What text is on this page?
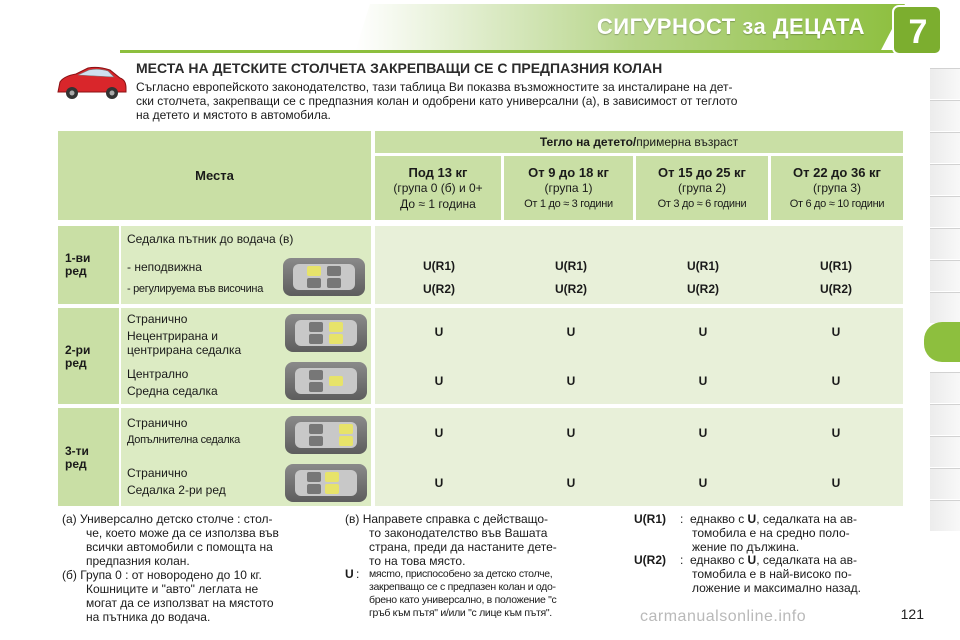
СИГУРНОСТ за ДЕЦАТА	7
МЕСТА НА ДЕТСКИТЕ СТОЛЧЕТА ЗАКРЕПВАЩИ СЕ С ПРЕДПАЗНИЯ КОЛАН
Съгласно европейското законодателство, тази таблица Ви показва възможностите за инсталиране на дет-
ски столчета, закрепващи се с предпазния колан и одобрени като универсални (а), в зависимост от теглото
на детето и мястото в автомобила.
Места
Тегло на детето/ примерна възраст
Под 13 кг
(група 0 (б) и 0+
До ≈ 1 година
От 9 до 18 кг
(група 1)
От 1 до ≈ 3 години
От 15 до 25 кг
(група 2)
От 3 до ≈ 6 години
От 22 до 36 кг
(група 3)
От 6 до ≈ 10 години
1-ви
ред
Седалка пътник до водача (в)
- неподвижна
- регулируема във височина
U(R1)
U(R2)
U(R1)
U(R2)
U(R1)
U(R2)
U(R1)
U(R2)
2-ри
ред
Странично
Нецентрирана и
центрирана седалка
Централно
Средна седалка
U
U
U
U
U
U
U
U
3-ти
ред
Странично
Допълнителна седалка
Странично
Седалка 2-ри ред
U
U
U
U
U
U
U
U
(а) Универсално детско столче : стол-
че, което може да се използва във
всички автомобили с помощта на
предпазния колан.
(б) Група 0 : от новородено до 10 кг.
Кошниците и "авто" леглата не
могат да се използват на мястото
на пътника до водача.
(в) Направете справка с действащо-
то законодателство във Вашата
страна, преди да настаните дете-
то на това място.
U : мясmo, приспособено за детско столче,
закрепващо се с предпазен колан и одо-
брено като универсално, в положение "с
гръб към пътя" и/или "с лице към пътя".
U(R1) : еднакво с U, седалката на ав-
томобила е на средно поло-
жение по дължина.
U(R2) : еднакво с U, седалката на ав-
томобила е в най-високо по-
ложение и максимално назад.
carmanualsonline.info	121
